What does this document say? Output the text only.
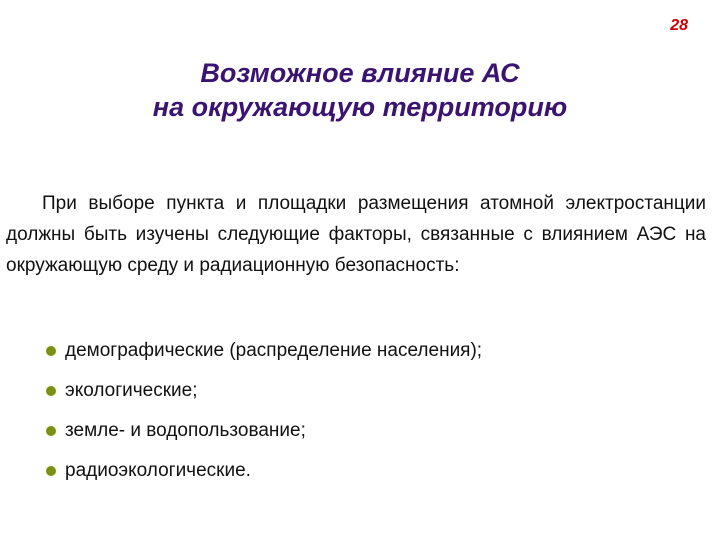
28
Возможное влияние АС
на окружающую территорию

При выборе пункта и площадки размещения атомной электростанции должны быть изучены следующие факторы, связанные с влиянием АЭС на окружающую среду и радиационную безопасность:

демографические (распределение населения);
экологические;
земле- и водопользование;
радиоэкологические.
